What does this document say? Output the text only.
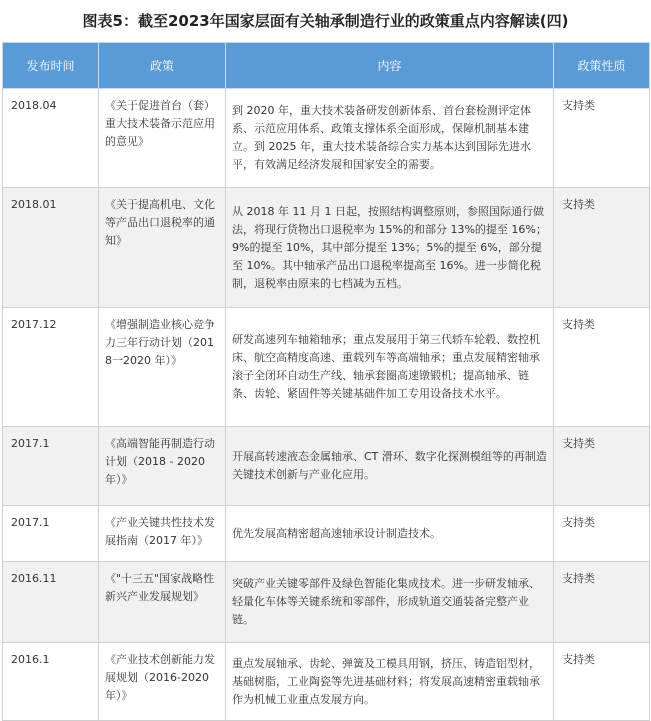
图表5：截至2023年国家层面有关轴承制造行业的政策重点内容解读(四)
发布时间	政策	内容	政策性质
2018.04	《关于促进首台（套）重大技术装备示范应用的意见》	到 2020 年，重大技术装备研发创新体系、首台套检测评定体系、示范应用体系、政策支撑体系全面形成，保障机制基本建立。到 2025 年，重大技术装备综合实力基本达到国际先进水平，有效满足经济发展和国家安全的需要。	支持类
2018.01	《关于提高机电、文化等产品出口退税率的通知》	从 2018 年 11 月 1 日起，按照结构调整原则，参照国际通行做法，将现行货物出口退税率为 15%的和部分 13%的提至 16%；9%的提至 10%，其中部分提至 13%；5%的提至 6%，部分提至 10%。其中轴承产品出口退税率提高至 16%。进一步简化税制，退税率由原来的七档减为五档。	支持类
2017.12	《增强制造业核心竞争力三年行动计划（2018一2020 年）》	研发高速列车轴箱轴承；重点发展用于第三代轿车轮毂、数控机床、航空高精度高速、重载列车等高端轴承；重点发展精密轴承滚子全闭环自动生产线、轴承套圈高速镦锻机；提高轴承、链条、齿轮、紧固件等关键基础件加工专用设备技术水平。	支持类
2017.1	《高端智能再制造行动计划（2018 - 2020 年）》	开展高转速液态金属轴承、CT 滑环、数字化探测模组等的再制造关键技术创新与产业化应用。	支持类
2017.1	《产业关键共性技术发展指南（2017 年）》	优先发展高精密超高速轴承设计制造技术。	支持类
2016.11	《"十三五"国家战略性新兴产业发展规划》	突破产业关键零部件及绿色智能化集成技术。进一步研发轴承、轻量化车体等关键系统和零部件，形成轨道交通装备完整产业链。	支持类
2016.1	《产业技术创新能力发展规划（2016-2020 年）》	重点发展轴承、齿轮、弹簧及工模具用钢，挤压、铸造铝型材，基础树脂，工业陶瓷等先进基础材料；将发展高速精密重载轴承作为机械工业重点发展方向。	支持类
